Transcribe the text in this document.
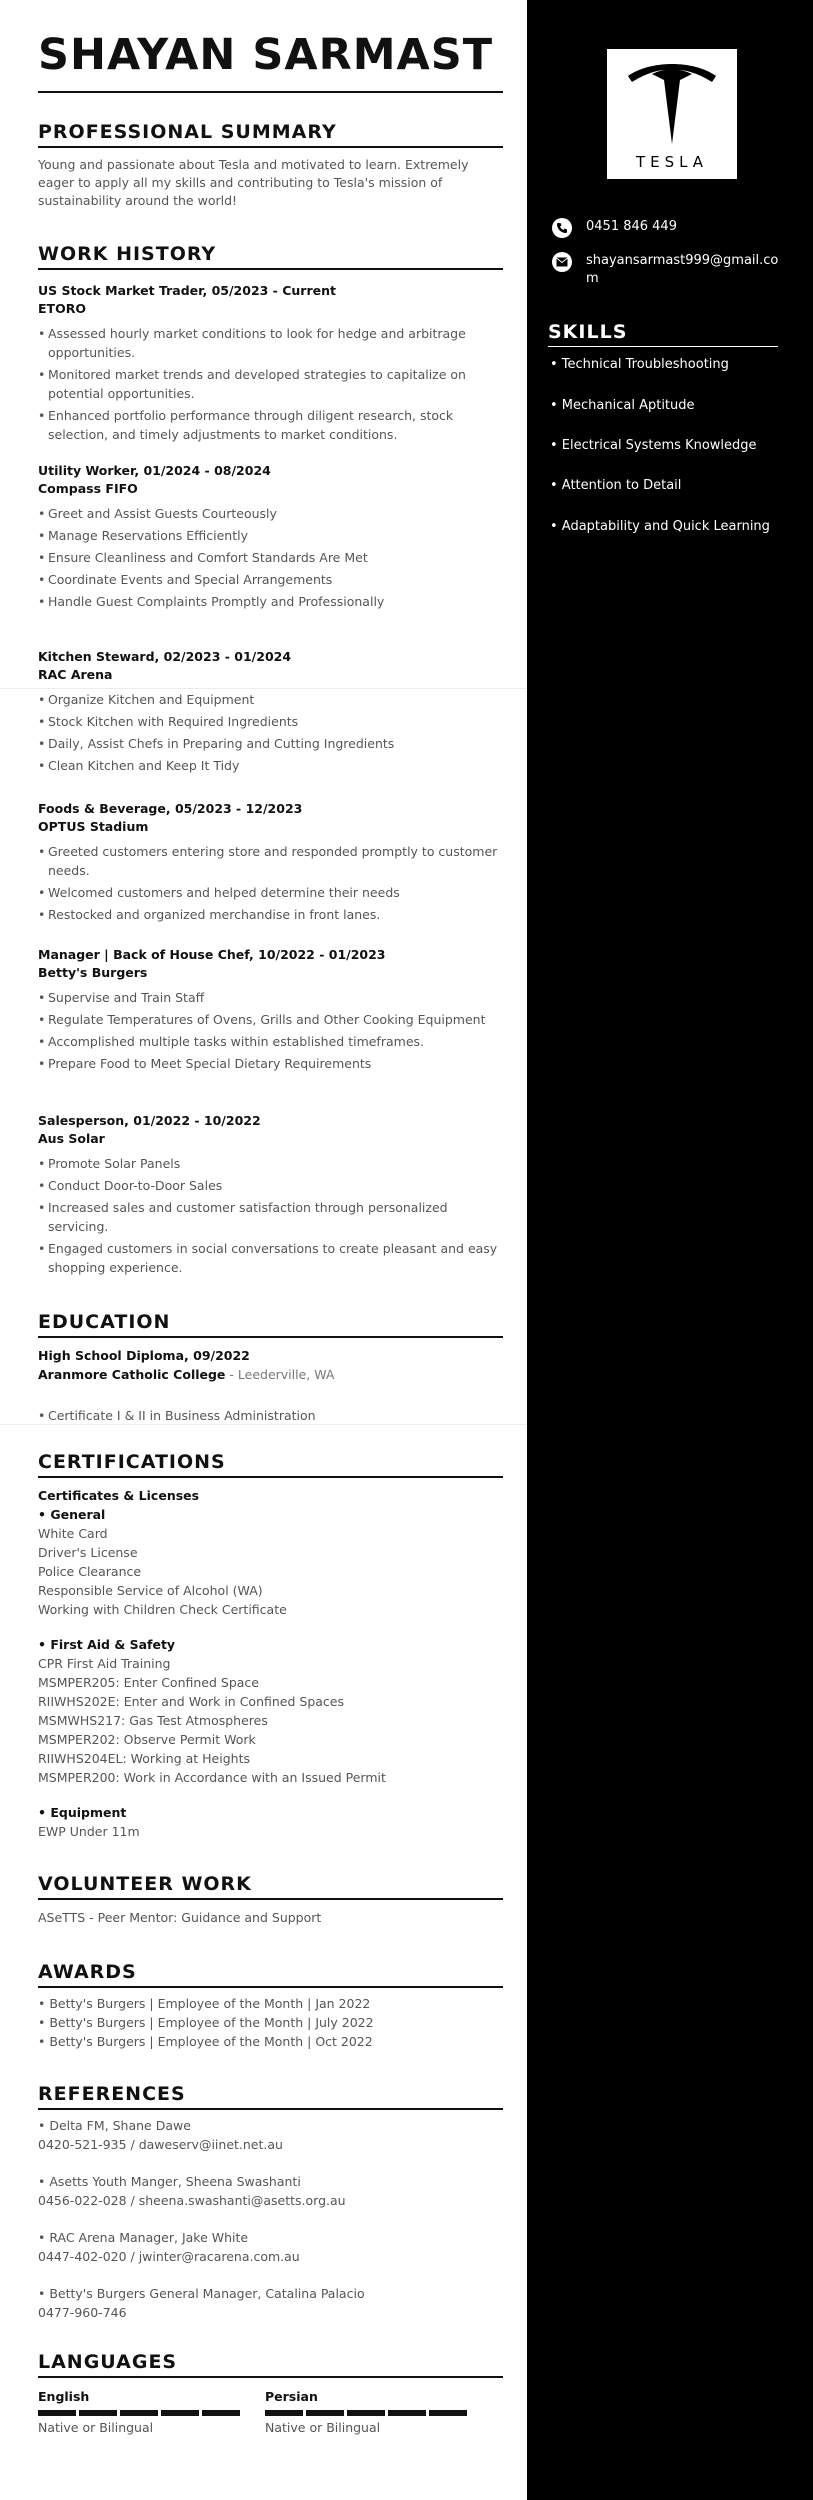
SHAYAN SARMAST
PROFESSIONAL SUMMARY

Young and passionate about Tesla and motivated to learn. Extremely eager to apply all my skills and contributing to Tesla's mission of sustainability around the world!

WORK HISTORY

US Stock Market Trader, 05/2023 - Current

ETORO

• Assessed hourly market conditions to look for hedge and arbitrage opportunities.
• Monitored market trends and developed strategies to capitalize on potential opportunities.
• Enhanced portfolio performance through diligent research, stock selection, and timely adjustments to market conditions.

Utility Worker, 01/2024 - 08/2024

Compass FIFO

• Greet and Assist Guests Courteously
• Manage Reservations Efficiently
• Ensure Cleanliness and Comfort Standards Are Met
• Coordinate Events and Special Arrangements
• Handle Guest Complaints Promptly and Professionally

Kitchen Steward, 02/2023 - 01/2024

RAC Arena

• Organize Kitchen and Equipment
• Stock Kitchen with Required Ingredients
• Daily, Assist Chefs in Preparing and Cutting Ingredients
• Clean Kitchen and Keep It Tidy

Foods & Beverage, 05/2023 - 12/2023

OPTUS Stadium

• Greeted customers entering store and responded promptly to customer needs.
• Welcomed customers and helped determine their needs
• Restocked and organized merchandise in front lanes.

Manager | Back of House Chef, 10/2022 - 01/2023

Betty's Burgers

• Supervise and Train Staff
• Regulate Temperatures of Ovens, Grills and Other Cooking Equipment
• Accomplished multiple tasks within established timeframes.
• Prepare Food to Meet Special Dietary Requirements

Salesperson, 01/2022 - 10/2022

Aus Solar

• Promote Solar Panels
• Conduct Door-to-Door Sales
• Increased sales and customer satisfaction through personalized servicing.
• Engaged customers in social conversations to create pleasant and easy shopping experience.
EDUCATION

High School Diploma, 09/2022

Aranmore Catholic College - Leederville, WA

• Certificate I & II in Business Administration
CERTIFICATIONS

Certificates & Licenses

• General

White Card

Driver's License

Police Clearance

Responsible Service of Alcohol (WA)

Working with Children Check Certificate

• First Aid & Safety

CPR First Aid Training

MSMPER205: Enter Confined Space

RIIWHS202E: Enter and Work in Confined Spaces

MSMWHS217: Gas Test Atmospheres

MSMPER202: Observe Permit Work

RIIWHS204EL: Working at Heights

MSMPER200: Work in Accordance with an Issued Permit

• Equipment

EWP Under 11m

VOLUNTEER WORK

ASeTTS - Peer Mentor: Guidance and Support

AWARDS

• Betty's Burgers | Employee of the Month | Jan 2022

• Betty's Burgers | Employee of the Month | July 2022

• Betty's Burgers | Employee of the Month | Oct 2022

REFERENCES

• Delta FM, Shane Dawe

0420-521-935 / daweserv@iinet.net.au

• Asetts Youth Manger, Sheena Swashanti

0456-022-028 / sheena.swashanti@asetts.org.au

• RAC Arena Manager, Jake White

0447-402-020 / jwinter@racarena.com.au

• Betty's Burgers General Manager, Catalina Palacio

0477-960-746

LANGUAGES
English
Native or Bilingual
Persian
Native or Bilingual
TESLA
0451 846 449
shayansarmast999@gmail.com
SKILLS
• Technical Troubleshooting
• Mechanical Aptitude
• Electrical Systems Knowledge
• Attention to Detail
• Adaptability and Quick Learning
